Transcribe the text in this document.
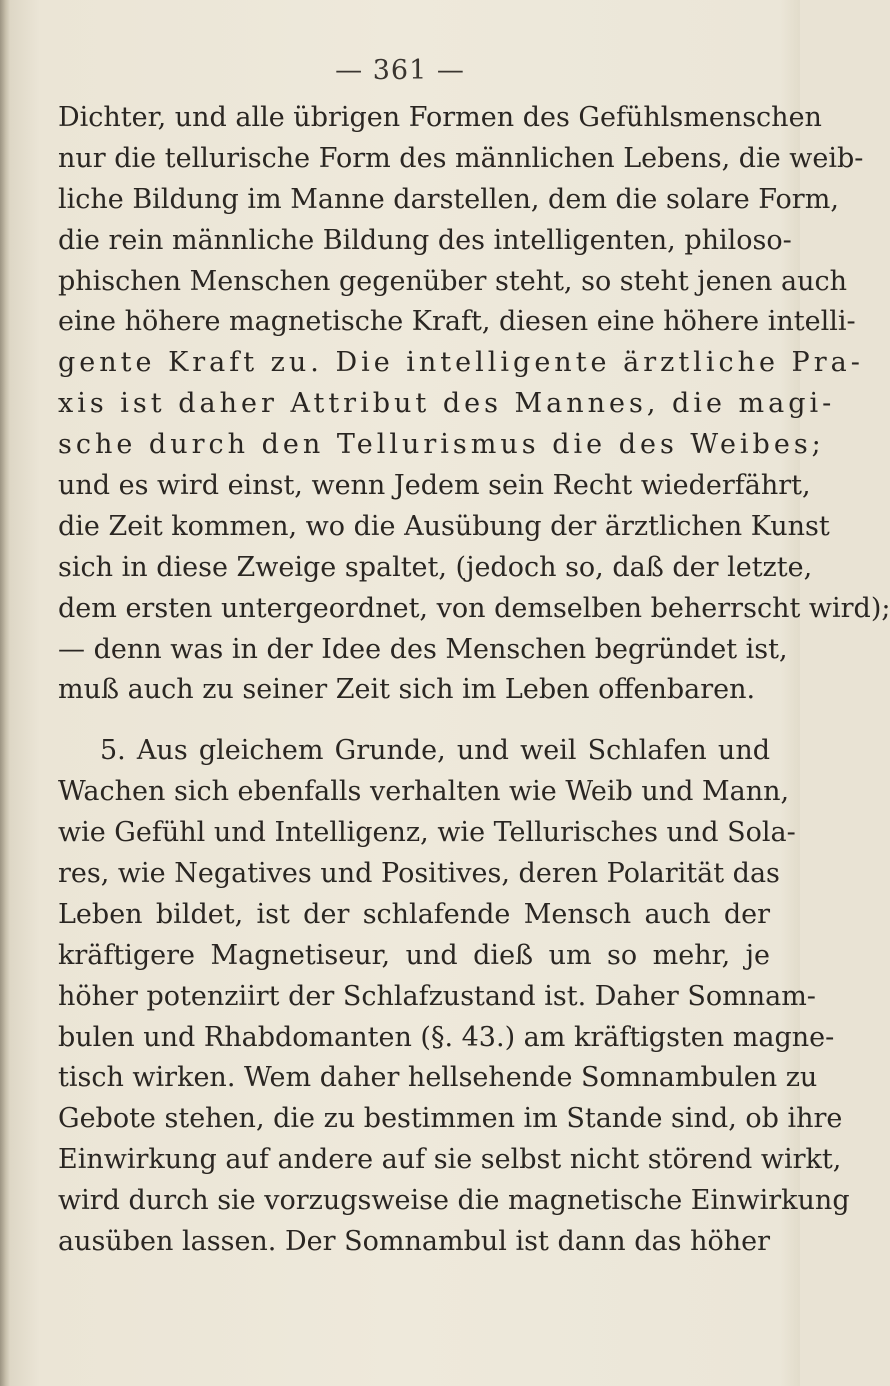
— 361 —
Dichter, und alle übrigen Formen des Gefühlsmenschen
nur die tellurische Form des männlichen Lebens, die weib-
liche Bildung im Manne darstellen, dem die solare Form,
die rein männliche Bildung des intelligenten, philoso-
phischen Menschen gegenüber steht, so steht jenen auch
eine höhere magnetische Kraft, diesen eine höhere intelli-
gente Kraft zu. Die intelligente ärztliche Pra-
xis ist daher Attribut des Mannes, die magi-
sche durch den Tellurismus die des Weibes;
und es wird einst, wenn Jedem sein Recht wiederfährt,
die Zeit kommen, wo die Ausübung der ärztlichen Kunst
sich in diese Zweige spaltet, (jedoch so, daß der letzte,
dem ersten untergeordnet, von demselben beherrscht wird);
— denn was in der Idee des Menschen begründet ist,
muß auch zu seiner Zeit sich im Leben offenbaren.
5. Aus gleichem Grunde, und weil Schlafen und
Wachen sich ebenfalls verhalten wie Weib und Mann,
wie Gefühl und Intelligenz, wie Tellurisches und Sola-
res, wie Negatives und Positives, deren Polarität das
Leben bildet, ist der schlafende Mensch auch der
kräftigere Magnetiseur, und dieß um so mehr, je
höher potenziirt der Schlafzustand ist. Daher Somnam-
bulen und Rhabdomanten (§. 43.) am kräftigsten magne-
tisch wirken. Wem daher hellsehende Somnambulen zu
Gebote stehen, die zu bestimmen im Stande sind, ob ihre
Einwirkung auf andere auf sie selbst nicht störend wirkt,
wird durch sie vorzugsweise die magnetische Einwirkung
ausüben lassen. Der Somnambul ist dann das höher
